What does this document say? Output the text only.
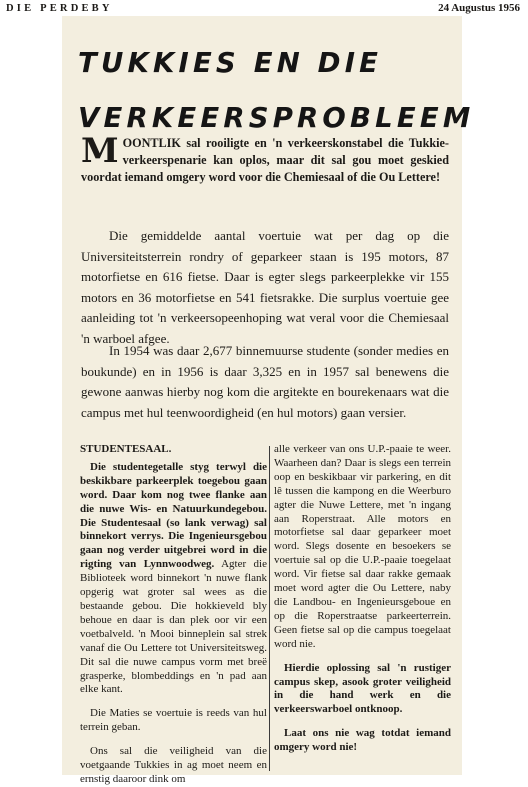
DIE PERDEBY	24 Augustus 1956
TUKKIES EN DIE
VERKEERSPROBLEEM
M OONTLIK sal rooiligte en 'n verkeerskonstabel die Tukkie-verkeerspenarie kan oplos, maar dit sal gou moet geskied voordat iemand omgery word voor die Chemiesaal of die Ou Lettere!

Die gemiddelde aantal voertuie wat per dag op die Universiteitsterrein rondry of geparkeer staan is 195 motors, 87 motorfietse en 616 fietse. Daar is egter slegs parkeerplekke vir 155 motors en 36 motorfietse en 541 fietsrakke. Die surplus voertuie gee aanleiding tot 'n verkeersopeenhoping wat veral voor die Chemiesaal 'n warboel afgee.

In 1954 was daar 2,677 binnemuurse studente (sonder medies en boukunde) en in 1956 is daar 3,325 en in 1957 sal benewens die gewone aanwas hierby nog kom die argitekte en bourekenaars wat die campus met hul teenwoordigheid (en hul motors) gaan versier.

STUDENTESAAL.

Die studentegetalle styg terwyl die beskikbare parkeerplek toegebou gaan word. Daar kom nog twee flanke aan die nuwe Wis- en Natuurkundegebou. Die Studentesaal (so lank verwag) sal binnekort verrys. Die Ingenieursgebou gaan nog verder uitgebrei word in die rigting van Lynnwoodweg. Agter die Biblioteek word binnekort 'n nuwe flank opgerig wat groter sal wees as die bestaande gebou. Die hokkieveld bly behoue en daar is dan plek oor vir een voetbalveld. 'n Mooi binneplein sal strek vanaf die Ou Lettere tot Universiteitsweg. Dit sal die nuwe campus vorm met breë grasperke, blombeddings en 'n pad aan elke kant.

Die Maties se voertuie is reeds van hul terrein geban.

Ons sal die veiligheid van die voetgaande Tukkies in ag moet neem en ernstig daaroor dink om

alle verkeer van ons U.P.-paaie te weer. Waarheen dan? Daar is slegs een terrein oop en beskikbaar vir parkering, en dit lê tussen die kampong en die Weerburo agter die Nuwe Lettere, met 'n ingang aan Roperstraat. Alle motors en motorfietse sal daar geparkeer moet word. Slegs dosente en besoekers se voertuie sal op die U.P.-paaie toegelaat word. Vir fietse sal daar rakke gemaak moet word agter die Ou Lettere, naby die Landbou- en Ingenieursgeboue en op die Roperstraatse parkeerterrein. Geen fietse sal op die campus toegelaat word nie.

Hierdie oplossing sal 'n rustiger campus skep, asook groter veiligheid in die hand werk en die verkeerswarboel ontknoop.

Laat ons nie wag totdat iemand omgery word nie!
